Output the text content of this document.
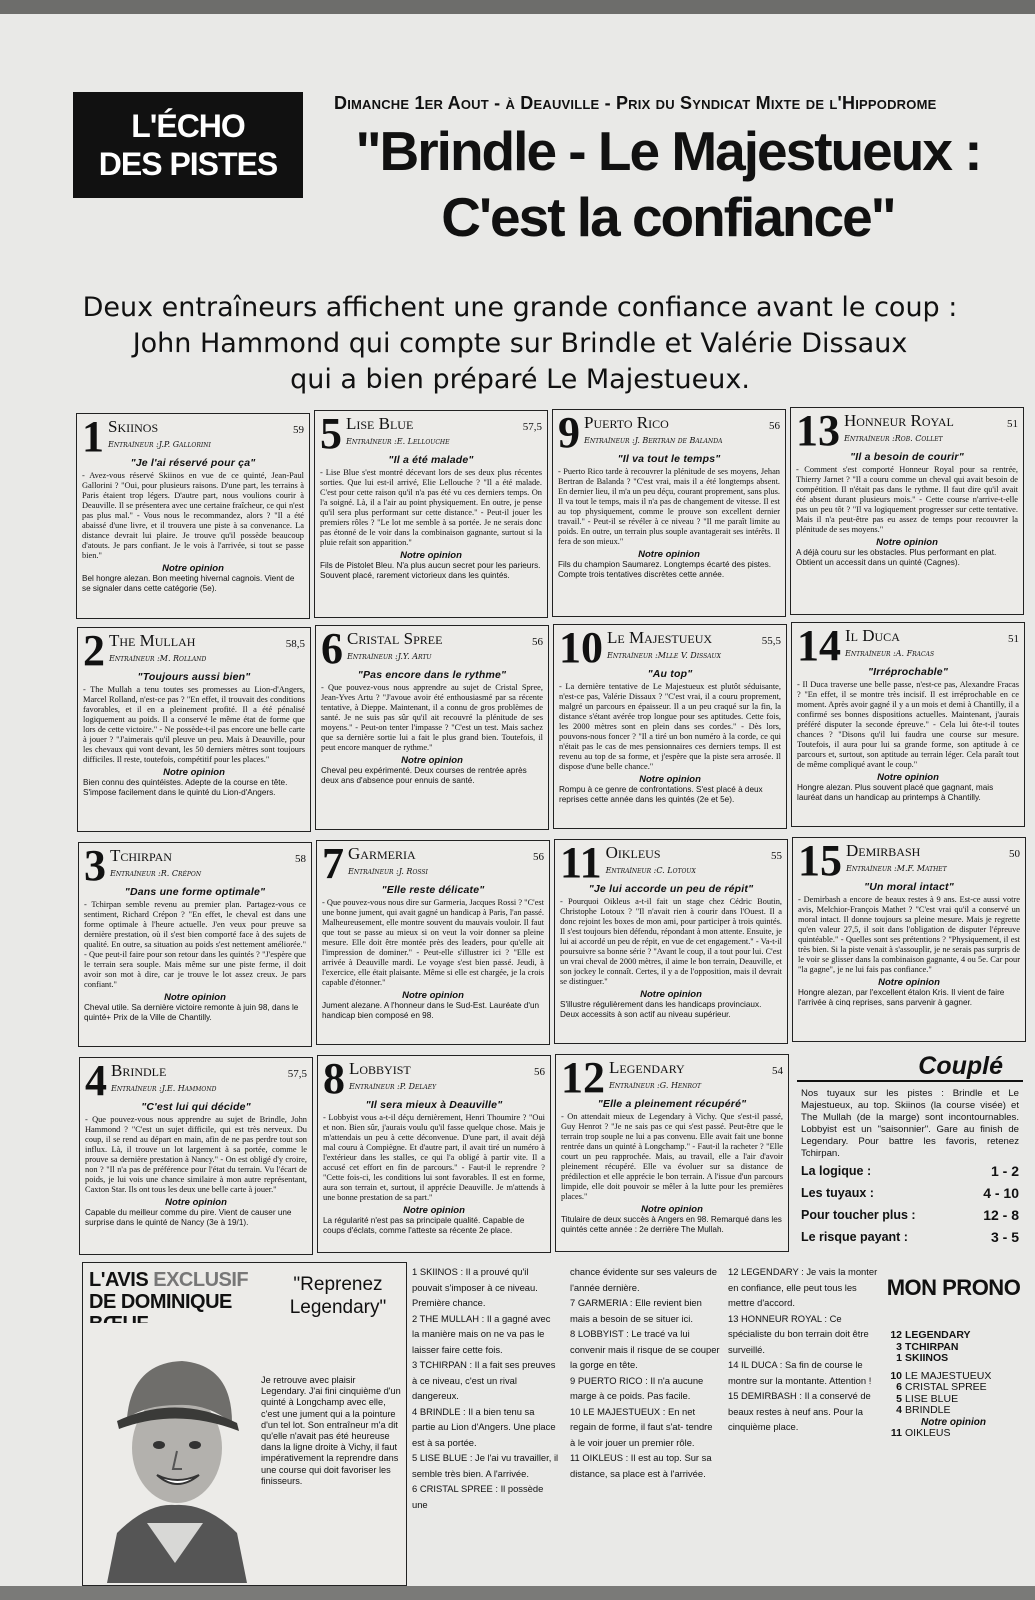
L'ÉCHO
DES PISTES
Dimanche 1er Aout - à Deauville - Prix du Syndicat Mixte de l'Hippodrome
"Brindle - Le Majestueux :
C'est la confiance"
Deux entraîneurs affichent une grande confiance avant le coup :
John Hammond qui compte sur Brindle et Valérie Dissaux
qui a bien préparé Le Majestueux.
1 Skiinos	59
Entraîneur :J.P. Gallorini
"Je l'ai réservé pour ça"
- Avez-vous réservé Skiinos en vue de ce quinté, Jean-Paul Gallorini ? "Oui, pour plusieurs raisons. D'une part, les terrains à Paris étaient trop légers. D'autre part, nous voulions courir à Deauville. Il se présentera avec une certaine fraîcheur, ce qui n'est pas plus mal." - Vous nous le recommandez, alors ? "Il a été abaissé d'une livre, et il trouvera une piste à sa convenance. La distance devrait lui plaire. Je trouve qu'il possède beaucoup d'atouts. Je pars confiant. Je le vois à l'arrivée, si tout se passe bien."
Notre opinion
Bel hongre alezan. Bon meeting hivernal cagnois. Vient de se signaler dans cette catégorie (5e).
5 Lise Blue	57,5
Entraîneur :E. Lellouche
"Il a été malade"
- Lise Blue s'est montré décevant lors de ses deux plus récentes sorties. Que lui est-il arrivé, Elie Lellouche ? "Il a été malade. C'est pour cette raison qu'il n'a pas été vu ces derniers temps. On l'a soigné. Là, il a l'air au point physiquement. En outre, je pense qu'il sera plus performant sur cette distance." - Peut-il jouer les premiers rôles ? "Le lot me semble à sa portée. Je ne serais donc pas étonné de le voir dans la combinaison gagnante, surtout si la pluie refait son apparition."
Notre opinion
Fils de Pistolet Bleu. N'a plus aucun secret pour les parieurs. Souvent placé, rarement victorieux dans les quintés.
9 Puerto Rico	56
Entraîneur :J. Bertran de Balanda
"Il va tout le temps"
- Puerto Rico tarde à recouvrer la plénitude de ses moyens, Jehan Bertran de Balanda ? "C'est vrai, mais il a été longtemps absent. En dernier lieu, il m'a un peu déçu, courant proprement, sans plus. Il va tout le temps, mais il n'a pas de changement de vitesse. Il est au top physiquement, comme le prouve son excellent dernier travail." - Peut-il se révéler à ce niveau ? "Il me paraît limite au poids. En outre, un terrain plus souple avantagerait ses intérêts. Il fera de son mieux."
Notre opinion
Fils du champion Saumarez. Longtemps écarté des pistes. Compte trois tentatives discrètes cette année.
13 Honneur Royal	51
Entraîneur :Rob. Collet
"Il a besoin de courir"
- Comment s'est comporté Honneur Royal pour sa rentrée, Thierry Jarnet ? "Il a couru comme un cheval qui avait besoin de compétition. Il n'était pas dans le rythme. Il faut dire qu'il avait été absent durant plusieurs mois." - Cette course n'arrive-t-elle pas un peu tôt ? "Il va logiquement progresser sur cette tentative. Mais il n'a peut-être pas eu assez de temps pour recouvrer la plénitude de ses moyens."
Notre opinion
A déjà couru sur les obstacles. Plus performant en plat. Obtient un accessit dans un quinté (Cagnes).
2 The Mullah	58,5
Entraîneur :M. Rolland
"Toujours aussi bien"
- The Mullah a tenu toutes ses promesses au Lion-d'Angers, Marcel Rolland, n'est-ce pas ? "En effet, il trouvait des conditions favorables, et il en a pleinement profité. Il a été pénalisé logiquement au poids. Il a conservé le même état de forme que lors de cette victoire." - Ne possède-t-il pas encore une belle carte à jouer ? "J'aimerais qu'il pleuve un peu. Mais à Deauville, pour les chevaux qui vont devant, les 50 derniers mètres sont toujours difficiles. Il reste, toutefois, compétitif pour les places."
Notre opinion
Bien connu des quintéistes. Adepte de la course en tête. S'impose facilement dans le quinté du Lion-d'Angers.
6 Cristal Spree	56
Entraîneur :J.Y. Artu
"Pas encore dans le rythme"
- Que pouvez-vous nous apprendre au sujet de Cristal Spree, Jean-Yves Artu ? "J'avoue avoir été enthousiasmé par sa récente tentative, à Dieppe. Maintenant, il a connu de gros problèmes de santé. Je ne suis pas sûr qu'il ait recouvré la plénitude de ses moyens." - Peut-on tenter l'impasse ? "C'est un test. Mais sachez que sa dernière sortie lui a fait le plus grand bien. Toutefois, il peut encore manquer de rythme."
Notre opinion
Cheval peu expérimenté. Deux courses de rentrée après deux ans d'absence pour ennuis de santé.
10 Le Majestueux	55,5
Entraîneur :Mlle V. Dissaux
"Au top"
- La dernière tentative de Le Majestueux est plutôt séduisante, n'est-ce pas, Valérie Dissaux ? "C'est vrai, il a couru proprement, malgré un parcours en épaisseur. Il a un peu craqué sur la fin, la distance s'étant avérée trop longue pour ses aptitudes. Cette fois, les 2000 mètres sont en plein dans ses cordes." - Dès lors, pouvons-nous foncer ? "Il a tiré un bon numéro à la corde, ce qui n'était pas le cas de mes pensionnaires ces derniers temps. Il est revenu au top de sa forme, et j'espère que la piste sera arrosée. Il dispose d'une belle chance."
Notre opinion
Rompu à ce genre de confrontations. S'est placé à deux reprises cette année dans les quintés (2e et 5e).
14 Il Duca	51
Entraîneur :A. Fracas
"Irréprochable"
- Il Duca traverse une belle passe, n'est-ce pas, Alexandre Fracas ? "En effet, il se montre très incisif. Il est irréprochable en ce moment. Après avoir gagné il y a un mois et demi à Chantilly, il a confirmé ses bonnes dispositions actuelles. Maintenant, j'aurais préféré disputer la seconde épreuve." - Cela lui ôte-t-il toutes chances ? "Disons qu'il lui faudra une course sur mesure. Toutefois, il aura pour lui sa grande forme, son aptitude à ce parcours et, surtout, son aptitude au terrain léger. Cela paraît tout de même compliqué avant le coup."
Notre opinion
Hongre alezan. Plus souvent placé que gagnant, mais lauréat dans un handicap au printemps à Chantilly.
3 Tchirpan	58
Entraîneur :R. Crépon
"Dans une forme optimale"
- Tchirpan semble revenu au premier plan. Partagez-vous ce sentiment, Richard Crépon ? "En effet, le cheval est dans une forme optimale à l'heure actuelle. J'en veux pour preuve sa dernière prestation, où il s'est bien comporté face à des sujets de qualité. En outre, sa situation au poids s'est nettement améliorée." - Que peut-il faire pour son retour dans les quintés ? "J'espère que le terrain sera souple. Mais même sur une piste ferme, il doit avoir son mot à dire, car je trouve le lot assez creux. Je pars confiant."
Notre opinion
Cheval utile. Sa dernière victoire remonte à juin 98, dans le quinté+ Prix de la Ville de Chantilly.
7 Garmeria	56
Entraîneur :J. Rossi
"Elle reste délicate"
- Que pouvez-vous nous dire sur Garmeria, Jacques Rossi ? "C'est une bonne jument, qui avait gagné un handicap à Paris, l'an passé. Malheureusement, elle montre souvent du mauvais vouloir. Il faut que tout se passe au mieux si on veut la voir donner sa pleine mesure. Elle doit être montée près des leaders, pour qu'elle ait l'impression de dominer." - Peut-elle s'illustrer ici ? "Elle est arrivée à Deauville mardi. Le voyage s'est bien passé. Jeudi, à l'exercice, elle était plaisante. Même si elle est chargée, je la crois capable d'étonner."
Notre opinion
Jument alezane. A l'honneur dans le Sud-Est. Lauréate d'un handicap bien composé en 98.
11 Oikleus	55
Entraîneur :C. Lotoux
"Je lui accorde un peu de répit"
- Pourquoi Oikleus a-t-il fait un stage chez Cédric Boutin, Christophe Lotoux ? "Il n'avait rien à courir dans l'Ouest. Il a donc rejoint les boxes de mon ami, pour participer à trois quintés. Il s'est toujours bien défendu, répondant à mon attente. Ensuite, je lui ai accordé un peu de répit, en vue de cet engagement." - Va-t-il poursuivre sa bonne série ? "Avant le coup, il a tout pour lui. C'est un vrai cheval de 2000 mètres, il aime le bon terrain, Deauville, et son jockey le connaît. Certes, il y a de l'opposition, mais il devrait se distinguer."
Notre opinion
S'illustre régulièrement dans les handicaps provinciaux. Deux accessits à son actif au niveau supérieur.
15 Demirbash	50
Entraîneur :M.F. Mathet
"Un moral intact"
- Demirbash a encore de beaux restes à 9 ans. Est-ce aussi votre avis, Melchior-François Mathet ? "C'est vrai qu'il a conservé un moral intact. Il donne toujours sa pleine mesure. Mais je regrette qu'en valeur 27,5, il soit dans l'obligation de disputer l'épreuve quintéable." - Quelles sont ses prétentions ? "Physiquement, il est très bien. Si la piste venait à s'assouplir, je ne serais pas surpris de le voir se glisser dans la combinaison gagnante, 4 ou 5e. Car pour "la gagne", je ne lui fais pas confiance."
Notre opinion
Hongre alezan, par l'excellent étalon Kris. Il vient de faire l'arrivée à cinq reprises, sans parvenir à gagner.
4 Brindle	57,5
Entraîneur :J.E. Hammond
"C'est lui qui décide"
- Que pouvez-vous nous apprendre au sujet de Brindle, John Hammond ? "C'est un sujet difficile, qui est très nerveux. Du coup, il se rend au départ en main, afin de ne pas perdre tout son influx. Là, il trouve un lot largement à sa portée, comme le prouve sa dernière prestation à Nancy." - On est obligé d'y croire, non ? "Il n'a pas de préférence pour l'état du terrain. Vu l'écart de poids, je lui vois une chance similaire à mon autre représentant, Caxton Star. Ils ont tous les deux une belle carte à jouer."
Notre opinion
Capable du meilleur comme du pire. Vient de causer une surprise dans le quinté de Nancy (3e à 19/1).
8 Lobbyist	56
Entraîneur :P. Delaey
"Il sera mieux à Deauville"
- Lobbyist vous a-t-il déçu dernièrement, Henri Thoumire ? "Oui et non. Bien sûr, j'aurais voulu qu'il fasse quelque chose. Mais je m'attendais un peu à cette déconvenue. D'une part, il avait déjà mal couru à Compiègne. Et d'autre part, il avait tiré un numéro à l'extérieur dans les stalles, ce qui l'a obligé à partir vite. Il a accusé cet effort en fin de parcours." - Faut-il le reprendre ? "Cette fois-ci, les conditions lui sont favorables. Il est en forme, aura son terrain et, surtout, il apprécie Deauville. Je m'attends à une bonne prestation de sa part."
Notre opinion
La régularité n'est pas sa principale qualité. Capable de coups d'éclats, comme l'atteste sa récente 2e place.
12 Legendary	54
Entraîneur :G. Henrot
"Elle a pleinement récupéré"
- On attendait mieux de Legendary à Vichy. Que s'est-il passé, Guy Henrot ? "Je ne sais pas ce qui s'est passé. Peut-être que le terrain trop souple ne lui a pas convenu. Elle avait fait une bonne rentrée dans un quinté à Longchamp." - Faut-il la racheter ? "Elle court un peu rapprochée. Mais, au travail, elle a l'air d'avoir pleinement récupéré. Elle va évoluer sur sa distance de prédilection et elle apprécie le bon terrain. A l'issue d'un parcours limpide, elle doit pouvoir se mêler à la lutte pour les premières places."
Notre opinion
Titulaire de deux succès à Angers en 98. Remarqué dans les quintés cette année : 2e derrière The Mullah.
Couplé
Nos tuyaux sur les pistes : Brindle et Le Majestueux, au top. Skiinos (la course visée) et The Mullah (de la marge) sont incontournables. Lobbyist est un "saisonnier". Gare au finish de Legendary. Pour battre les favoris, retenez Tchirpan.
La logique :	1 - 2
Les tuyaux :	4 - 10
Pour toucher plus :	12 - 8
Le risque payant :	3 - 5
L'AVIS EXCLUSIF DE DOMINIQUE
"Reprenez Legendary"
Je retrouve avec plaisir Legendary. J'ai fini cinquième d'un quinté à Longchamp avec elle, c'est une jument qui a la pointure d'un tel lot. Son entraîneur m'a dit qu'elle n'avait pas été heureuse dans la ligne droite à Vichy, il faut impérativement la reprendre dans une course qui doit favoriser les finisseurs.

1 SKIINOS : Il a prouvé qu'il pouvait s'imposer à ce niveau. Première chance.

2 THE MULLAH : Il a gagné avec la manière mais on ne va pas le laisser faire cette fois.

3 TCHIRPAN : Il a fait ses preuves à ce niveau, c'est un rival dangereux.

4 BRINDLE : Il a bien tenu sa partie au Lion d'Angers. Une place est à sa portée.

5 LISE BLUE : Je l'ai vu travailler, il semble très bien. A l'arrivée.

6 CRISTAL SPREE : Il possède une

chance évidente sur ses valeurs de l'année dernière.

7 GARMERIA : Elle revient bien mais a besoin de se situer ici.

8 LOBBYIST : Le tracé va lui convenir mais il risque de se couper la gorge en tête.

9 PUERTO RICO : Il n'a aucune marge à ce poids. Pas facile.

10 LE MAJESTUEUX : En net regain de forme, il faut s'at- tendre à le voir jouer un premier rôle.

11 OIKLEUS : Il est au top. Sur sa distance, sa place est à l'arrivée.

12 LEGENDARY : Je vais la monter en confiance, elle peut tous les mettre d'accord.

13 HONNEUR ROYAL : Ce spécialiste du bon terrain doit être surveillé.

14 IL DUCA : Sa fin de course le montre sur la montante. Attention !

15 DEMIRBASH : Il a conservé de beaux restes à neuf ans. Pour la cinquième place.

MON PRONO
12 LEGENDARY
3 TCHIRPAN
1 SKIINOS
10 LE MAJESTUEUX
6 CRISTAL SPREE
5 LISE BLUE
4 BRINDLE
Notre opinion
11 OIKLEUS
